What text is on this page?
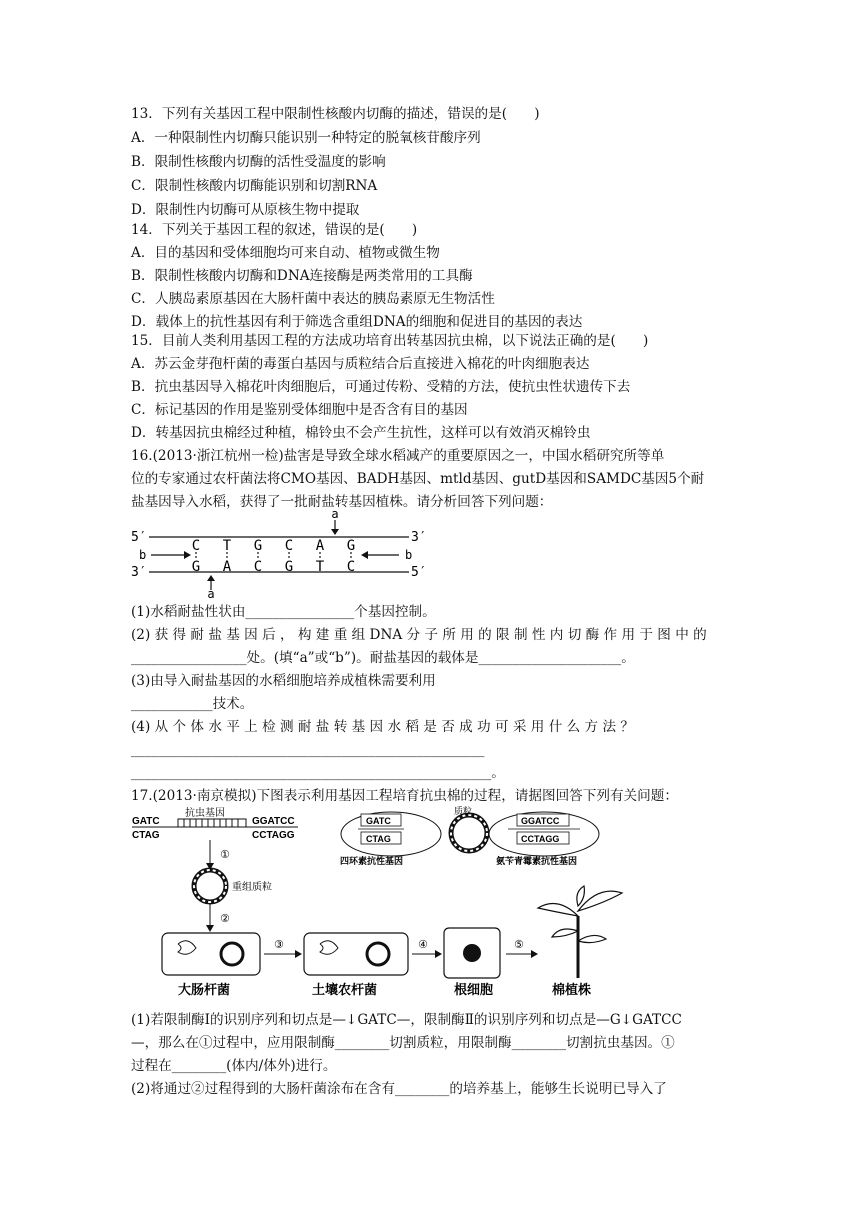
13．下列有关基因工程中限制性核酸内切酶的描述，错误的是(　　)
A．一种限制性内切酶只能识别一种特定的脱氧核苷酸序列
B．限制性核酸内切酶的活性受温度的影响
C．限制性核酸内切酶能识别和切割RNA
D．限制性内切酶可从原核生物中提取
14．下列关于基因工程的叙述，错误的是(　　)
A．目的基因和受体细胞均可来自动、植物或微生物
B．限制性核酸内切酶和DNA连接酶是两类常用的工具酶
C．人胰岛素原基因在大肠杆菌中表达的胰岛素原无生物活性
D．载体上的抗性基因有利于筛选含重组DNA的细胞和促进目的基因的表达
15．目前人类利用基因工程的方法成功培育出转基因抗虫棉，以下说法正确的是(　　)
A．苏云金芽孢杆菌的毒蛋白基因与质粒结合后直接进入棉花的叶肉细胞表达
B．抗虫基因导入棉花叶肉细胞后，可通过传粉、受精的方法，使抗虫性状遗传下去
C．标记基因的作用是鉴别受体细胞中是否含有目的基因
D．转基因抗虫棉经过种植，棉铃虫不会产生抗性，这样可以有效消灭棉铃虫
16.(2013·浙江杭州一检)盐害是导致全球水稻减产的重要原因之一，中国水稻研究所等单
位的专家通过农杆菌法将CMO基因、BADH基因、mtld基因、gutD基因和SAMDC基因5个耐
盐基因导入水稻，获得了一批耐盐转基因植株。请分析回答下列问题：
5′	3′
3′	5′
C T G C A G
G A C G T C
a
a
b	b
(1)水稻耐盐性状由________________个基因控制。
(2) 获 得 耐 盐 基 因 后 ， 构 建 重 组 DNA 分 子 所 用 的 限 制 性 内 切 酶 作 用 于 图 中 的
_________________处。(填“a”或“b”)。耐盐基因的载体是_____________________。
(3)由导入耐盐基因的水稻细胞培养成植株需要利用
____________技术。
(4) 从 个 体 水 平 上 检 测 耐 盐 转 基 因 水 稻 是 否 成 功 可 采 用 什 么 方 法 ？
____________________________________________________
_____________________________________________________。
17.(2013·南京模拟)下图表示利用基因工程培育抗虫棉的过程，请据图回答下列有关问题：
GATC
CTAG
抗虫基因
GGATCC
CCTAGG
①
GATC
CTAG
GGATCC
CCTAGG
质粒
四环素抗性基因	氨苄青霉素抗性基因
重组质粒
②
大肠杆菌
③
土壤农杆菌
④
根细胞
⑤
棉植株
(1)若限制酶Ⅰ的识别序列和切点是—↓GATC—，限制酶Ⅱ的识别序列和切点是—G↓GATCC
—，那么在①过程中，应用限制酶________切割质粒，用限制酶________切割抗虫基因。①
过程在________(体内/体外)进行。
(2)将通过②过程得到的大肠杆菌涂布在含有________的培养基上，能够生长说明已导入了
